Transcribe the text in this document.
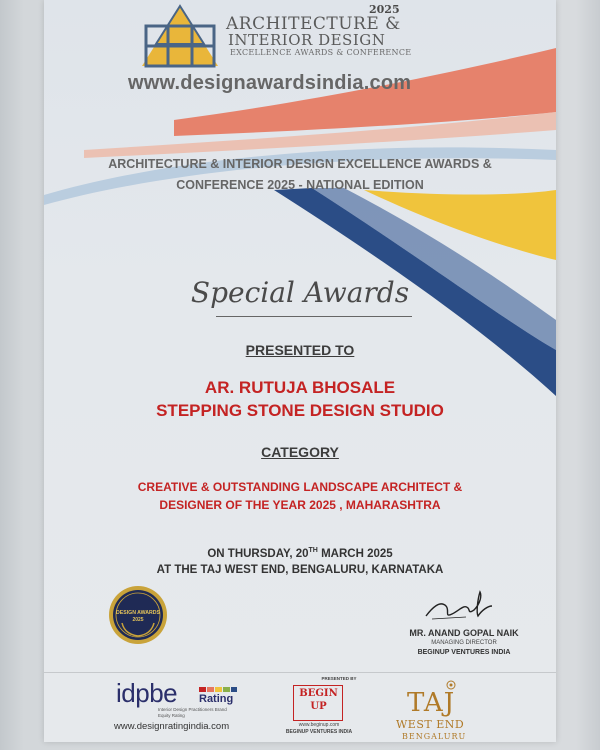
2025
ARCHITECTURE &
INTERIOR DESIGN
EXCELLENCE AWARDS & CONFERENCE
www.designawardsindia.com
ARCHITECTURE & INTERIOR DESIGN EXCELLENCE AWARDS &
CONFERENCE 2025 - NATIONAL EDITION
Special Awards
PRESENTED TO
AR. RUTUJA BHOSALE
STEPPING STONE DESIGN STUDIO
CATEGORY
CREATIVE & OUTSTANDING LANDSCAPE ARCHITECT &
DESIGNER OF THE YEAR 2025 , MAHARASHTRA
ON THURSDAY, 20TH MARCH 2025
AT THE TAJ WEST END, BENGALURU, KARNATAKA
DESIGN AWARDS
2025
MR. ANAND GOPAL NAIK
MANAGING DIRECTOR
BEGINUP VENTURES INDIA
idpbe Rating
Interior Design Practitioners Brand
Equity Rating
www.designratingindia.com
PRESENTED BY
BEGIN
UP
www.beginup.com
BEGINUP VENTURES INDIA
TAJ
WEST END
BENGALURU
